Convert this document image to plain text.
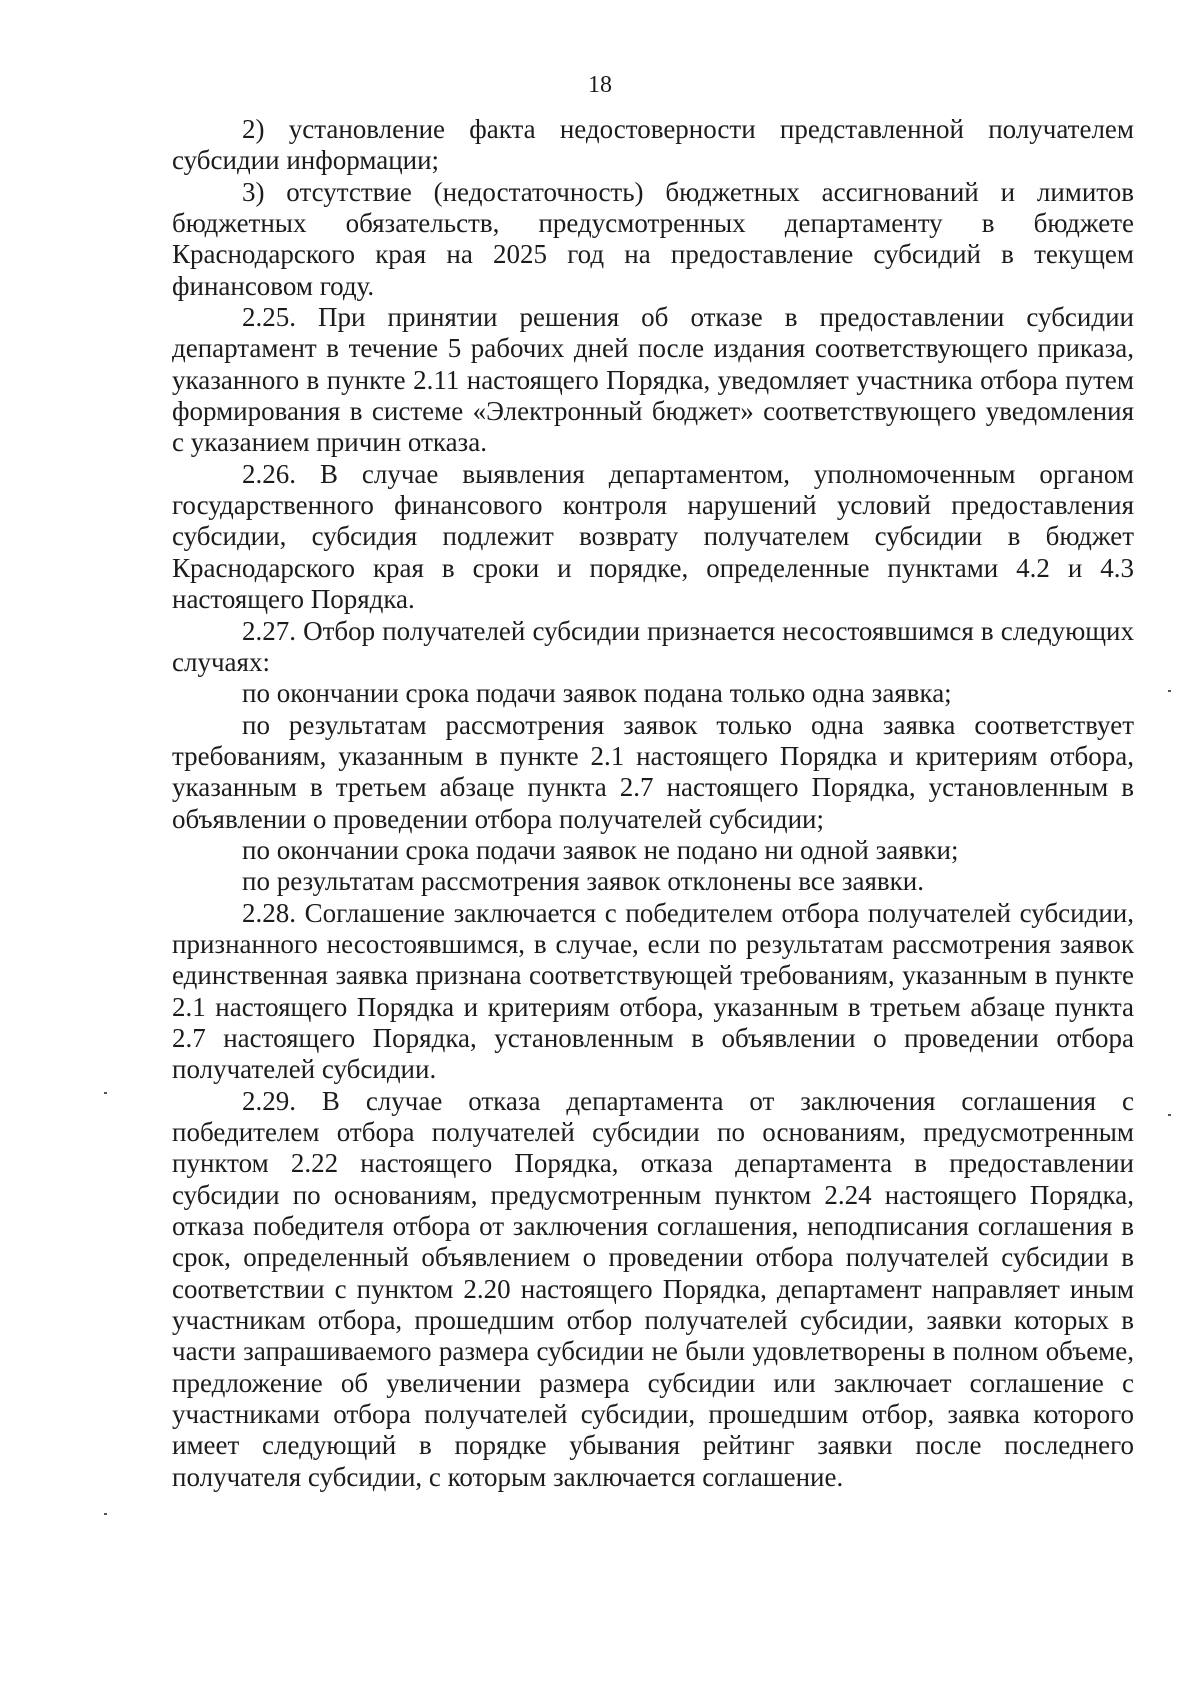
18

2) установление факта недостоверности представленной получателем субсидии информации;

3) отсутствие (недостаточность) бюджетных ассигнований и лимитов бюджетных обязательств, предусмотренных департаменту в бюджете Краснодарского края на 2025 год на предоставление субсидий в текущем финансовом году.

2.25. При принятии решения об отказе в предоставлении субсидии департамент в течение 5 рабочих дней после издания соответствующего приказа, указанного в пункте 2.11 настоящего Порядка, уведомляет участника отбора путем формирования в системе «Электронный бюджет» соответствующего уведомления с указанием причин отказа.

2.26. В случае выявления департаментом, уполномоченным органом государственного финансового контроля нарушений условий предоставления субсидии, субсидия подлежит возврату получателем субсидии в бюджет Краснодарского края в сроки и порядке, определенные пунктами 4.2 и 4.3 настоящего Порядка.

2.27. Отбор получателей субсидии признается несостоявшимся в следующих случаях:

по окончании срока подачи заявок подана только одна заявка;

по результатам рассмотрения заявок только одна заявка соответствует требованиям, указанным в пункте 2.1 настоящего Порядка и критериям отбора, указанным в третьем абзаце пункта 2.7 настоящего Порядка, установленным в объявлении о проведении отбора получателей субсидии;

по окончании срока подачи заявок не подано ни одной заявки;

по результатам рассмотрения заявок отклонены все заявки.

2.28. Соглашение заключается с победителем отбора получателей субсидии, признанного несостоявшимся, в случае, если по результатам рассмотрения заявок единственная заявка признана соответствующей требованиям, указанным в пункте 2.1 настоящего Порядка и критериям отбора, указанным в третьем абзаце пункта 2.7 настоящего Порядка, установленным в объявлении о проведении отбора получателей субсидии.

2.29. В случае отказа департамента от заключения соглашения с победителем отбора получателей субсидии по основаниям, предусмотренным пунктом 2.22 настоящего Порядка, отказа департамента в предоставлении субсидии по основаниям, предусмотренным пунктом 2.24 настоящего Порядка, отказа победителя отбора от заключения соглашения, неподписания соглашения в срок, определенный объявлением о проведении отбора получателей субсидии в соответствии с пунктом 2.20 настоящего Порядка, департамент направляет иным участникам отбора, прошедшим отбор получателей субсидии, заявки которых в части запрашиваемого размера субсидии не были удовлетворены в полном объеме, предложение об увеличении размера субсидии или заключает соглашение с участниками отбора получателей субсидии, прошедшим отбор, заявка которого имеет следующий в порядке убывания рейтинг заявки после последнего получателя субсидии, с которым заключается соглашение.
